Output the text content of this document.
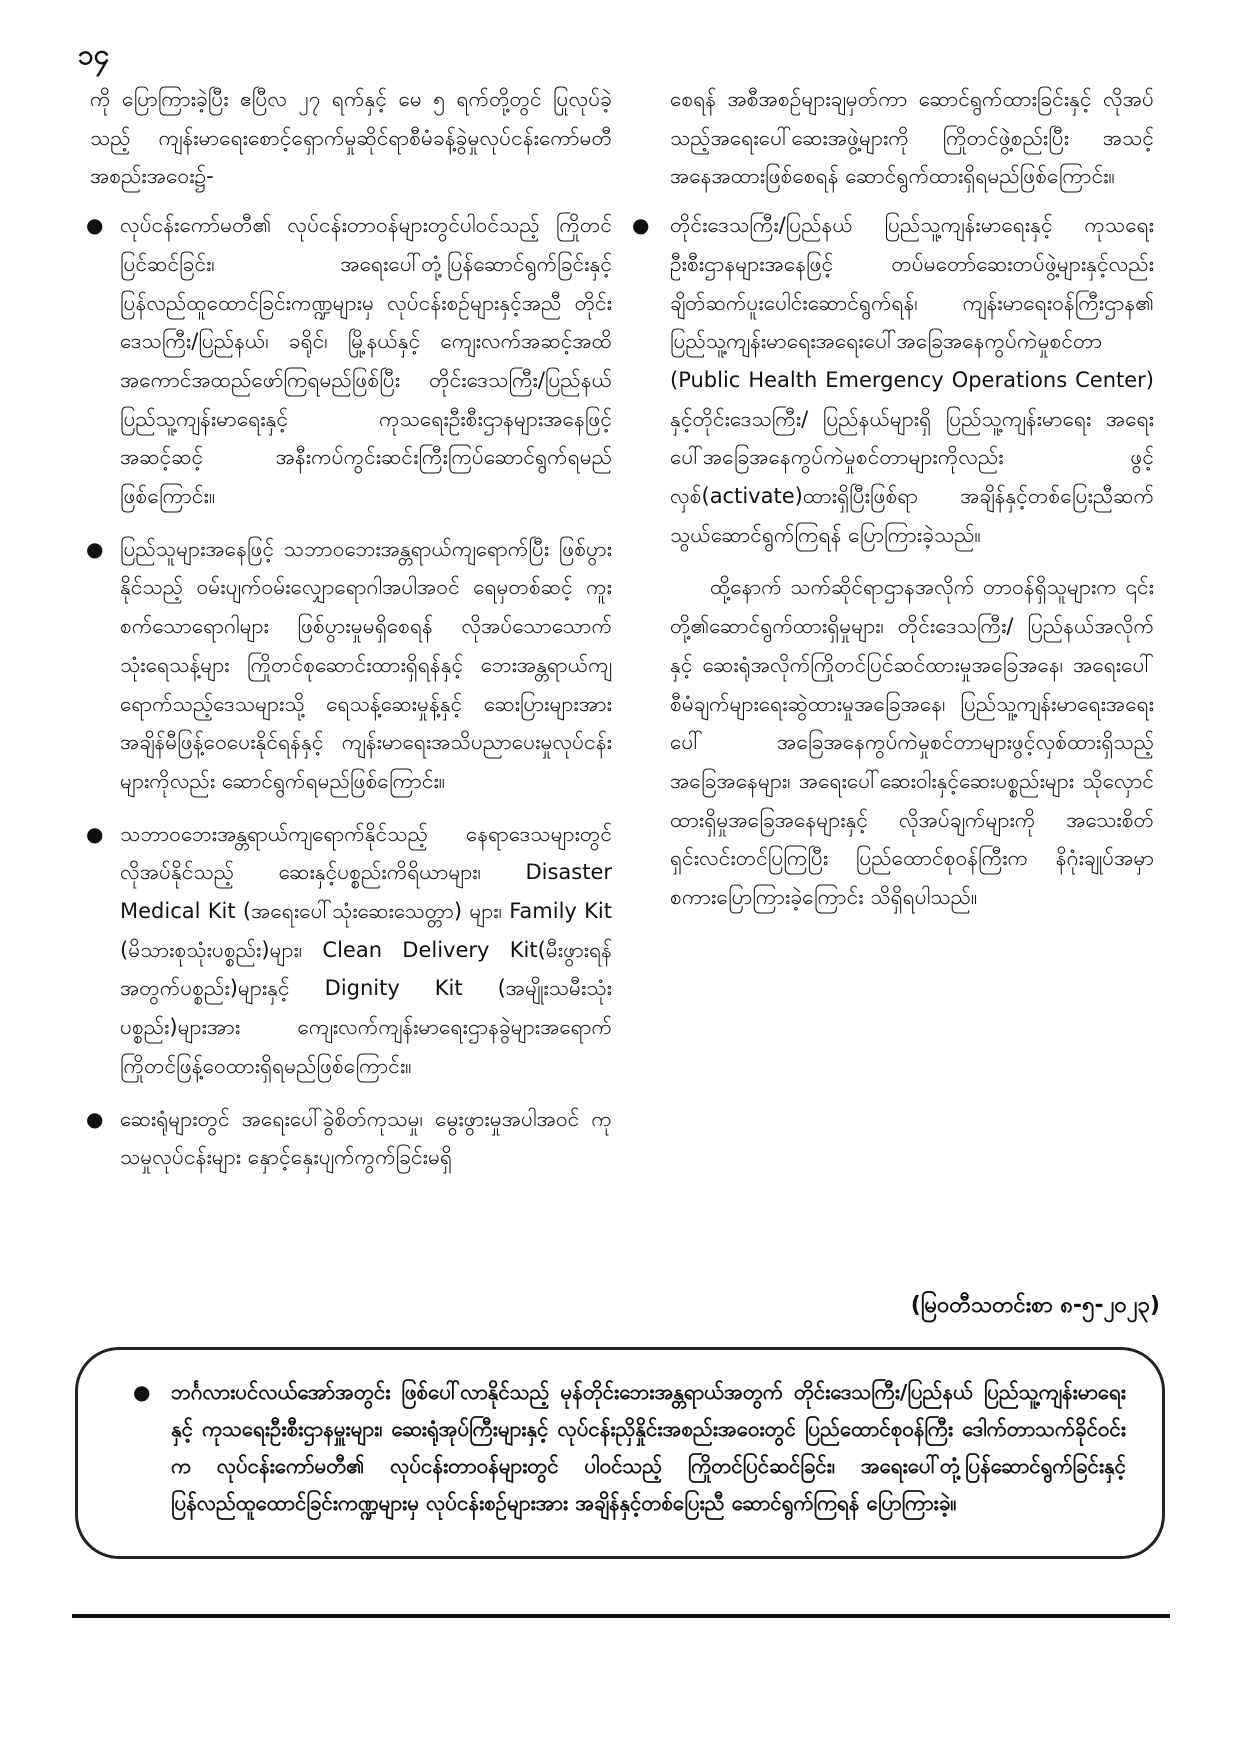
၁၄

ကို ပြောကြားခဲ့ပြီး ဧပြီလ ၂၇ ရက်နှင့် မေ ၅ ရက်တို့တွင် ပြုလုပ်ခဲ့သည့် ကျန်းမာရေးစောင့်ရှောက်မှုဆိုင်ရာစီမံခန့်ခွဲမှုလုပ်ငန်းကော်မတီအစည်းအဝေး၌-

● လုပ်ငန်းကော်မတီ၏ လုပ်ငန်းတာဝန်များတွင်ပါဝင်သည့် ကြိုတင်ပြင်ဆင်ခြင်း၊ အရေးပေါ်တုံ့ပြန်ဆောင်ရွက်ခြင်းနှင့် ပြန်လည်ထူထောင်ခြင်းကဏ္ဍများမှ လုပ်ငန်းစဉ်များနှင့်အညီ တိုင်းဒေသကြီး/ပြည်နယ်၊ ခရိုင်၊ မြို့နယ်နှင့် ကျေးလက်အဆင့်အထိ အကောင်အထည်ဖော်ကြရမည်ဖြစ်ပြီး တိုင်းဒေသကြီး/ပြည်နယ် ပြည်သူ့ကျန်းမာရေးနှင့် ကုသရေးဦးစီးဌာနများအနေဖြင့် အဆင့်ဆင့် အနီးကပ်ကွင်းဆင်းကြီးကြပ်ဆောင်ရွက်ရမည်ဖြစ်ကြောင်း။
● ပြည်သူများအနေဖြင့် သဘာဝဘေးအန္တရာယ်ကျရောက်ပြီး ဖြစ်ပွားနိုင်သည့် ဝမ်းပျက်ဝမ်းလျှောရောဂါအပါအဝင် ရေမှတစ်ဆင့် ကူးစက်သောရောဂါများ ဖြစ်ပွားမှုမရှိစေရန် လိုအပ်သောသောက်သုံးရေသန့်များ ကြိုတင်စုဆောင်းထားရှိရန်နှင့် ဘေးအန္တရာယ်ကျရောက်သည့်ဒေသများသို့ ရေသန့်ဆေးမှုန့်နှင့် ဆေးပြားများအား အချိန်မီဖြန့်ဝေပေးနိုင်ရန်နှင့် ကျန်းမာရေးအသိပညာပေးမှုလုပ်ငန်းများကိုလည်း ဆောင်ရွက်ရမည်ဖြစ်ကြောင်း။
● သဘာဝဘေးအန္တရာယ်ကျရောက်နိုင်သည့် နေရာဒေသများတွင် လိုအပ်နိုင်သည့် ဆေးနှင့်ပစ္စည်းကိရိယာများ၊ Disaster Medical Kit (အရေးပေါ်သုံးဆေးသေတ္တာ) များ၊ Family Kit (မိသားစုသုံးပစ္စည်း)များ၊ Clean Delivery Kit(မီးဖွားရန်အတွက်ပစ္စည်း)များနှင့် Dignity Kit (အမျိုးသမီးသုံးပစ္စည်း)များအား ကျေးလက်ကျန်းမာရေးဌာနခွဲများအရောက် ကြိုတင်ဖြန့်ဝေထားရှိရမည်ဖြစ်ကြောင်း။
● ဆေးရုံများတွင် အရေးပေါ်ခွဲစိတ်ကုသမှု၊ မွေးဖွားမှုအပါအဝင် ကုသမှုလုပ်ငန်းများ နှောင့်နှေးပျက်ကွက်ခြင်းမရှိ

စေရန် အစီအစဉ်များချမှတ်ကာ ဆောင်ရွက်ထားခြင်းနှင့် လိုအပ်သည့်အရေးပေါ်ဆေးအဖွဲ့များကို ကြိုတင်ဖွဲ့စည်းပြီး အသင့်အနေအထားဖြစ်စေရန် ဆောင်ရွက်ထားရှိရမည်ဖြစ်ကြောင်း။

● တိုင်းဒေသကြီး/ပြည်နယ် ပြည်သူ့ကျန်းမာရေးနှင့် ကုသရေးဦးစီးဌာနများအနေဖြင့် တပ်မတော်ဆေးတပ်ဖွဲ့များနှင့်လည်း ချိတ်ဆက်ပူးပေါင်းဆောင်ရွက်ရန်၊ ကျန်းမာရေးဝန်ကြီးဌာန၏ ပြည်သူ့ကျန်းမာရေးအရေးပေါ်အခြေအနေကွပ်ကဲမှုစင်တာ (Public Health Emergency Operations Center) နှင့်တိုင်းဒေသကြီး/ ပြည်နယ်များရှိ ပြည်သူ့ကျန်းမာရေး အရေးပေါ်အခြေအနေကွပ်ကဲမှုစင်တာများကိုလည်း ဖွင့်လှစ်(activate)ထားရှိပြီးဖြစ်ရာ အချိန်နှင့်တစ်ပြေးညီဆက်သွယ်ဆောင်ရွက်ကြရန် ပြောကြားခဲ့သည်။

ထို့နောက် သက်ဆိုင်ရာဌာနအလိုက် တာဝန်ရှိသူများက ၎င်းတို့၏ဆောင်ရွက်ထားရှိမှုများ၊ တိုင်းဒေသကြီး/ ပြည်နယ်အလိုက်နှင့် ဆေးရုံအလိုက်ကြိုတင်ပြင်ဆင်ထားမှုအခြေအနေ၊ အရေးပေါ်စီမံချက်များရေးဆွဲထားမှုအခြေအနေ၊ ပြည်သူ့ကျန်းမာရေးအရေးပေါ် အခြေအနေကွပ်ကဲမှုစင်တာများဖွင့်လှစ်ထားရှိသည့်အခြေအနေများ၊ အရေးပေါ်ဆေးဝါးနှင့်ဆေးပစ္စည်းများ သိုလှောင်ထားရှိမှုအခြေအနေများနှင့် လိုအပ်ချက်များကို အသေးစိတ်ရှင်းလင်းတင်ပြကြပြီး ပြည်ထောင်စုဝန်ကြီးက နိဂုံးချုပ်အမှာစကားပြောကြားခဲ့ကြောင်း သိရှိရပါသည်။

(မြဝတီသတင်းစာ ၈-၅-၂၀၂၃)
● ဘင်္ဂလားပင်လယ်အော်အတွင်း ဖြစ်ပေါ်လာနိုင်သည့် မုန်တိုင်းဘေးအန္တရာယ်အတွက် တိုင်းဒေသကြီး/ပြည်နယ် ပြည်သူ့ကျန်းမာရေးနှင့် ကုသရေးဦးစီးဌာနမှူးများ၊ ဆေးရုံအုပ်ကြီးများနှင့် လုပ်ငန်းညှိနှိုင်းအစည်းအဝေးတွင် ပြည်ထောင်စုဝန်ကြီး ဒေါက်တာသက်ခိုင်ဝင်းက လုပ်ငန်းကော်မတီ၏ လုပ်ငန်းတာဝန်များတွင် ပါဝင်သည့် ကြိုတင်ပြင်ဆင်ခြင်း၊ အရေးပေါ်တုံ့ပြန်ဆောင်ရွက်ခြင်းနှင့် ပြန်လည်ထူထောင်ခြင်းကဏ္ဍများမှ လုပ်ငန်းစဉ်များအား အချိန်နှင့်တစ်ပြေးညီ ဆောင်ရွက်ကြရန် ပြောကြားခဲ့။
